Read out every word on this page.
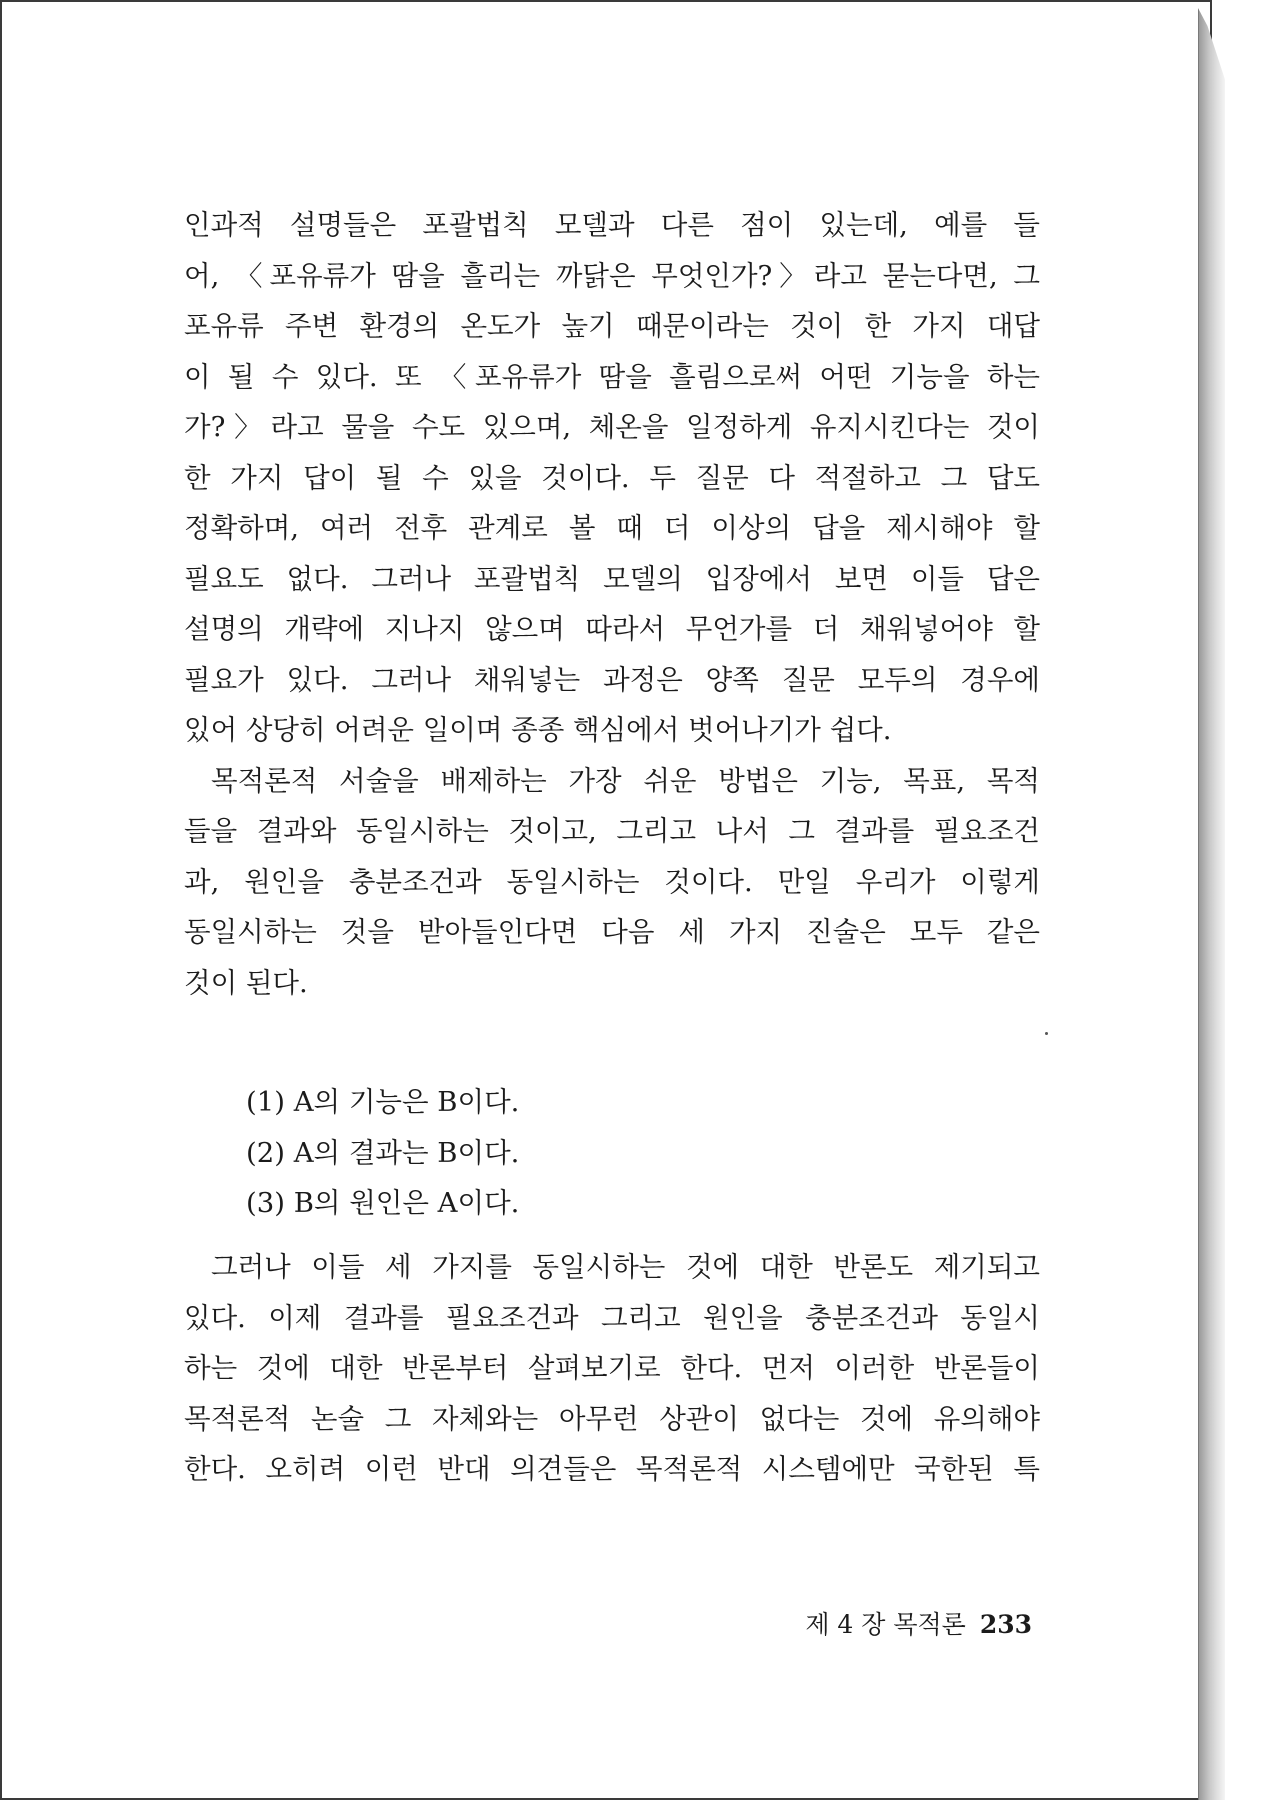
인과적 설명들은 포괄법칙 모델과 다른 점이 있는데, 예를 들
어, 〈포유류가 땀을 흘리는 까닭은 무엇인가?〉라고 묻는다면, 그
포유류 주변 환경의 온도가 높기 때문이라는 것이 한 가지 대답
이 될 수 있다. 또 〈포유류가 땀을 흘림으로써 어떤 기능을 하는
가?〉라고 물을 수도 있으며, 체온을 일정하게 유지시킨다는 것이
한 가지 답이 될 수 있을 것이다. 두 질문 다 적절하고 그 답도
정확하며, 여러 전후 관계로 볼 때 더 이상의 답을 제시해야 할
필요도 없다. 그러나 포괄법칙 모델의 입장에서 보면 이들 답은
설명의 개략에 지나지 않으며 따라서 무언가를 더 채워넣어야 할
필요가 있다. 그러나 채워넣는 과정은 양쪽 질문 모두의 경우에
있어 상당히 어려운 일이며 종종 핵심에서 벗어나기가 쉽다.
목적론적 서술을 배제하는 가장 쉬운 방법은 기능, 목표, 목적
들을 결과와 동일시하는 것이고, 그리고 나서 그 결과를 필요조건
과, 원인을 충분조건과 동일시하는 것이다. 만일 우리가 이렇게
동일시하는 것을 받아들인다면 다음 세 가지 진술은 모두 같은
것이 된다.
(1) A의 기능은 B이다.
(2) A의 결과는 B이다.
(3) B의 원인은 A이다.
그러나 이들 세 가지를 동일시하는 것에 대한 반론도 제기되고
있다. 이제 결과를 필요조건과 그리고 원인을 충분조건과 동일시
하는 것에 대한 반론부터 살펴보기로 한다. 먼저 이러한 반론들이
목적론적 논술 그 자체와는 아무런 상관이 없다는 것에 유의해야
한다. 오히려 이런 반대 의견들은 목적론적 시스템에만 국한된 특
제 4 장 목적론 233
